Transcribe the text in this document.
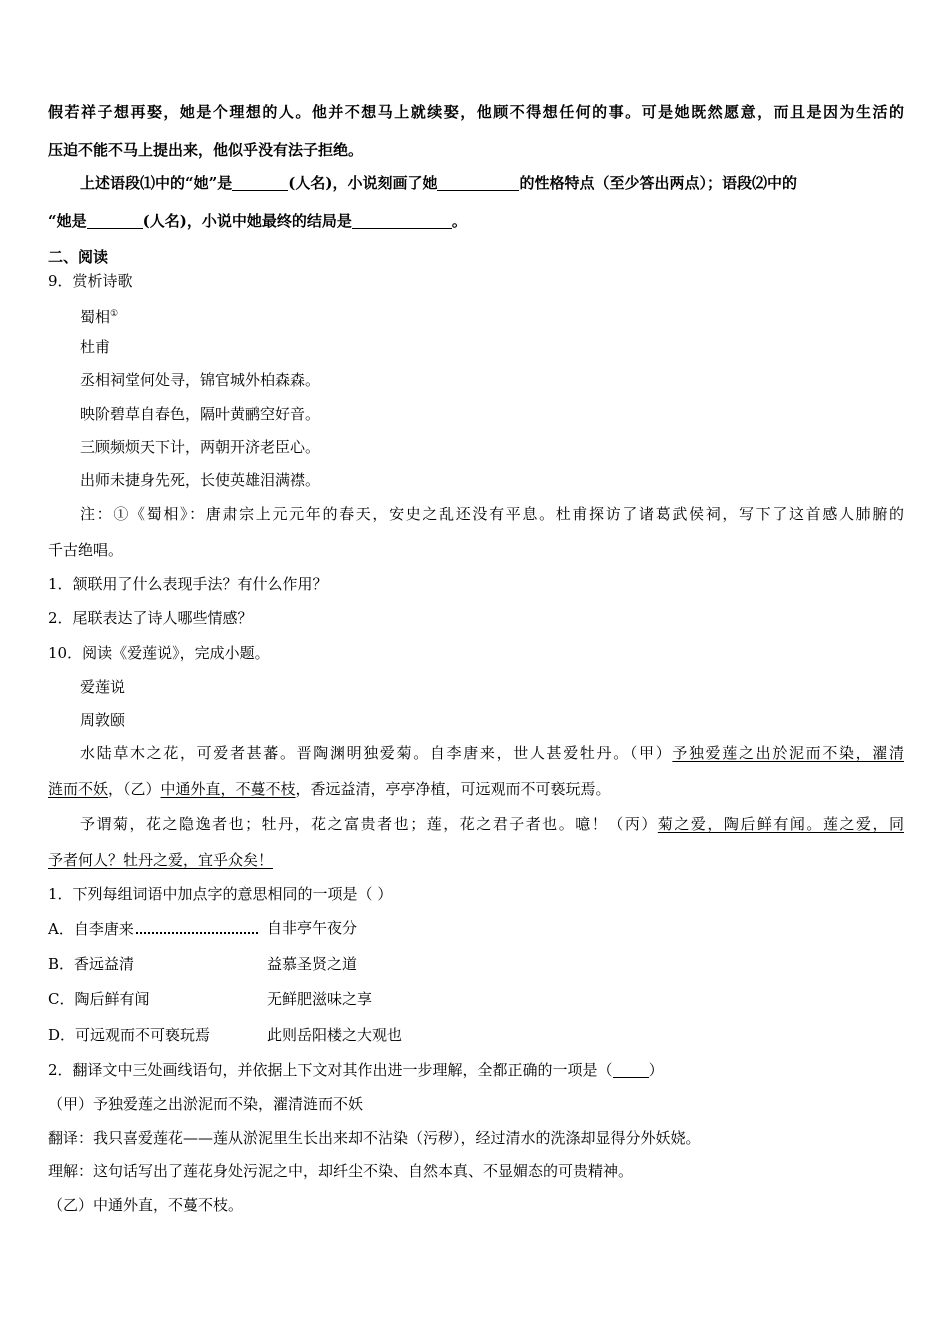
假若祥子想再娶，她是个理想的人。他并不想马上就续娶，他顾不得想任何的事。可是她既然愿意，而且是因为生活的
压迫不能不马上提出来，他似乎没有法子拒绝。
上述语段⑴中的“她”是	(人名)，小说刻画了她	的性格特点（至少答出两点）；语段⑵中的
“她是	(人名)，小说中她最终的结局是	。
二、阅读
9．赏析诗歌
蜀相①
杜甫
丞相祠堂何处寻，锦官城外柏森森。
映阶碧草自春色，隔叶黄鹂空好音。
三顾频烦天下计，两朝开济老臣心。
出师未捷身先死，长使英雄泪满襟。
注：①《蜀相》：唐肃宗上元元年的春天，安史之乱还没有平息。杜甫探访了诸葛武侯祠，写下了这首感人肺腑的
千古绝唱。
1．颔联用了什么表现手法？有什么作用？
2．尾联表达了诗人哪些情感？
10．阅读《爱莲说》，完成小题。
爱莲说
周敦颐
水陆草木之花，可爱者甚蕃。晋陶渊明独爱菊。自李唐来，世人甚爱牡丹。（甲）予独爱莲之出於泥而不染，濯清
涟而不妖，（乙）中通外直，不蔓不枝，香远益清，亭亭净植，可远观而不可亵玩焉。
予谓菊，花之隐逸者也；牡丹，花之富贵者也；莲，花之君子者也。噫！（丙）菊之爱，陶后鲜有闻。莲之爱，同
予者何人？牡丹之爱，宜乎众矣！
1．下列每组词语中加点字的意思相同的一项是（ ）
A．自李唐来	自非亭午夜分
B．香远益清	益慕圣贤之道
C．陶后鲜有闻	无鲜肥滋味之享
D．可远观而不可亵玩焉	此则岳阳楼之大观也
2．翻译文中三处画线语句，并依据上下文对其作出进一步理解，全都正确的一项是（ ）
（甲）予独爱莲之出淤泥而不染，濯清涟而不妖
翻译：我只喜爱莲花——莲从淤泥里生长出来却不沾染（污秽），经过清水的洗涤却显得分外妖娆。
理解：这句话写出了莲花身处污泥之中，却纤尘不染、自然本真、不显媚态的可贵精神。
（乙）中通外直，不蔓不枝。
